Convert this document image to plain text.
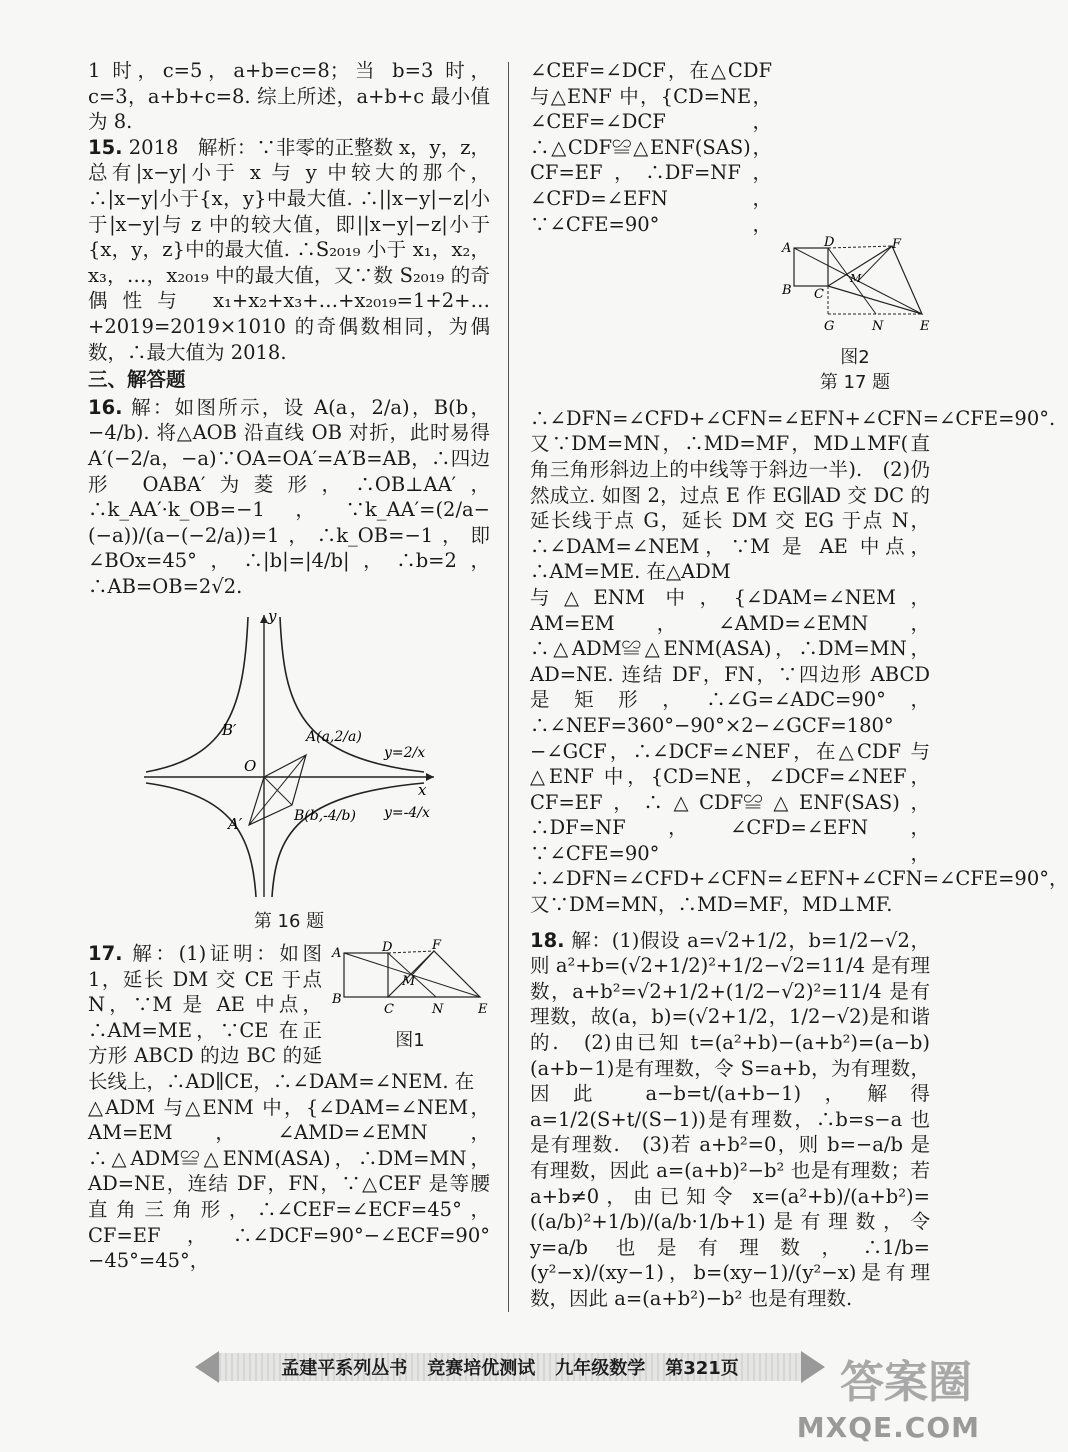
1 时，c=5，a+b=c=8；当 b=3 时，c=3，a+b+c=8. 综上所述，a+b+c 最小值为 8.

15. 2018　解析：∵非零的正整数 x，y，z，总有|x−y|小于 x 与 y 中较大的那个，∴|x−y|小于{x，y}中最大值. ∴||x−y|−z|小于|x−y|与 z 中的较大值，即||x−y|−z|小于{x，y，z}中的最大值. ∴S₂₀₁₉ 小于 x₁，x₂，x₃，…，x₂₀₁₉ 中的最大值，又∵数 S₂₀₁₉ 的奇偶性与 x₁+x₂+x₃+…+x₂₀₁₉=1+2+…+2019=2019×1010 的奇偶数相同，为偶数，∴最大值为 2018.

三、解答题

16. 解：如图所示，设 A(a，2/a)，B(b，−4/b). 将△AOB 沿直线 OB 对折，此时易得 A′(−2/a，−a)∵OA=OA′=A′B=AB，∴四边形 OABA′为菱形，∴OB⊥AA′，∴k_AA′·k_OB=−1，∵k_AA′=(2/a−(−a))/(a−(−2/a))=1，∴k_OB=−1，即∠BOx=45°，∴|b|=|4/b|，∴b=2，∴AB=OB=2√2.

y
x
O
A(a,2/a)
B(b,-4/b)
B′
A′
y=2/x
y=-4/x

第 16 题

A
B
C
D
E
F
M
N
图1

17. 解：(1)证明：如图 1，延长 DM 交 CE 于点 N，∵M 是 AE 中点，∴AM=ME，∵CE 在正方形 ABCD 的边 BC 的延长线上，∴AD∥CE，∴∠DAM=∠NEM. 在

△ADM 与△ENM 中，{∠DAM=∠NEM，AM=EM，∠AMD=∠EMN，∴△ADM≌△ENM(ASA)，∴DM=MN，AD=NE，连结 DF，FN，∵△CEF 是等腰直角三角形，∴∠CEF=∠ECF=45°，CF=EF，∴∠DCF=90°−∠ECF=90°−45°=45°，

A
B C
D
E
F
G	N
M
图2
第 17 题

∠CEF=∠DCF，在△CDF 与△ENF 中，{CD=NE，∠CEF=∠DCF，∴△CDF≌△ENF(SAS)，CF=EF，∴DF=NF，∠CFD=∠EFN，∵∠CFE=90°，∴∠DFN=∠CFD+∠CFN=∠EFN+∠CFN=∠CFE=90°. 又∵DM=MN，∴MD=MF，MD⊥MF(直角三角形斜边上的中线等于斜边一半).　(2)仍然成立. 如图 2，过点 E 作 EG∥AD 交 DC 的延长线于点 G，延长 DM 交 EG 于点 N，∴∠DAM=∠NEM，∵M 是 AE 中点，∴AM=ME. 在△ADM

与△ENM 中，{∠DAM=∠NEM，AM=EM，∠AMD=∠EMN，∴△ADM≌△ENM(ASA)，∴DM=MN，AD=NE. 连结 DF，FN，∵四边形 ABCD 是矩形，∴∠G=∠ADC=90°，∴∠NEF=360°−90°×2−∠GCF=180°−∠GCF，∴∠DCF=∠NEF，在△CDF 与△ENF 中，{CD=NE，∠DCF=∠NEF，CF=EF，∴△CDF≌△ENF(SAS)，∴DF=NF，∠CFD=∠EFN，∵∠CFE=90°，∴∠DFN=∠CFD+∠CFN=∠EFN+∠CFN=∠CFE=90°，又∵DM=MN，∴MD=MF，MD⊥MF.

18. 解：(1)假设 a=√2+1/2，b=1/2−√2，则 a²+b=(√2+1/2)²+1/2−√2=11/4 是有理数，a+b²=√2+1/2+(1/2−√2)²=11/4 是有理数，故(a，b)=(√2+1/2，1/2−√2)是和谐的.　(2)由已知 t=(a²+b)−(a+b²)=(a−b)(a+b−1)是有理数，令 S=a+b，为有理数，因此 a−b=t/(a+b−1)，解得 a=1/2(S+t/(S−1))是有理数，∴b=s−a 也是有理数.　(3)若 a+b²=0，则 b=−a/b 是有理数，因此 a=(a+b)²−b² 也是有理数；若 a+b≠0，由已知令 x=(a²+b)/(a+b²)=((a/b)²+1/b)/(a/b·1/b+1)是有理数，令 y=a/b 也是有理数，∴1/b=(y²−x)/(xy−1)，b=(xy−1)/(y²−x)是有理数，因此 a=(a+b²)−b² 也是有理数.

孟建平系列丛书 竞赛培优测试 九年级数学 第321页 答案圈
MXQE.COM
